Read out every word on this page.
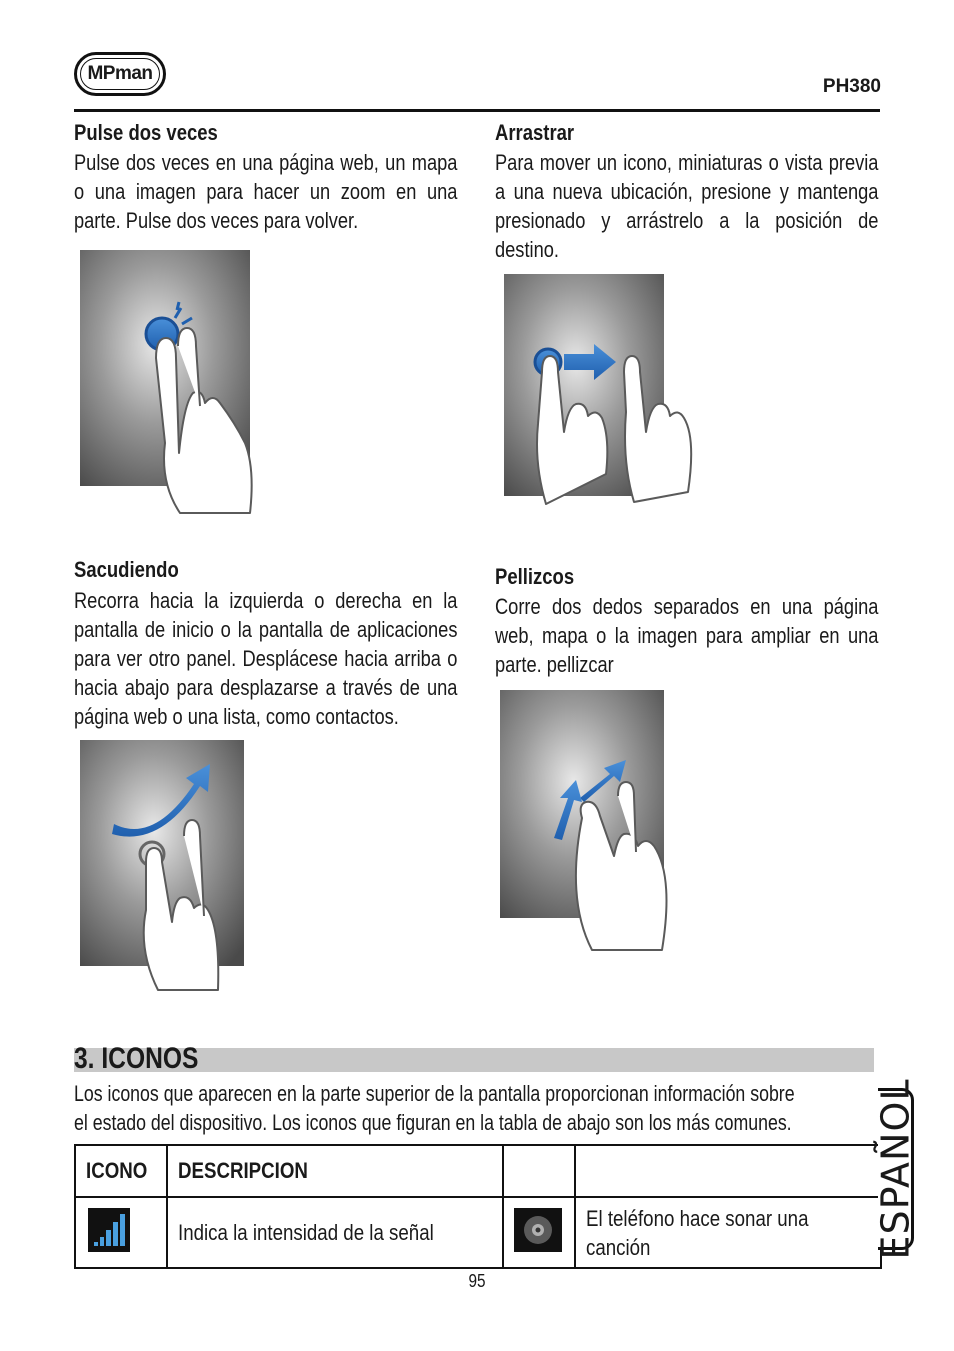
MPman
PH380
Pulse dos veces
Pulse dos veces en una página web, un mapa o una imagen para hacer un zoom en una parte. Pulse dos veces para volver.
Arrastrar
Para mover un icono, miniaturas o vista previa a una nueva ubicación, presione y mantenga presionado y arrástrelo a la posición de destino.
Sacudiendo
Recorra hacia la izquierda o derecha en la pantalla de inicio o la pantalla de aplicaciones para ver otro panel. Desplácese hacia arriba o hacia abajo para desplazarse a través de una página web o una lista, como contactos.
Pellizcos
Corre dos dedos separados en una página web, mapa o la imagen para ampliar en una parte. pellizcar
3. ICONOS
Los iconos que aparecen en la parte superior de la pantalla proporcionan información sobre
el estado del dispositivo. Los iconos que figuran en la tabla de abajo son los más comunes.
ICONO	DESCRIPCION		
	Indica la intensidad de la señal		El teléfono hace sonar una canción	ESPAÑOL
95
